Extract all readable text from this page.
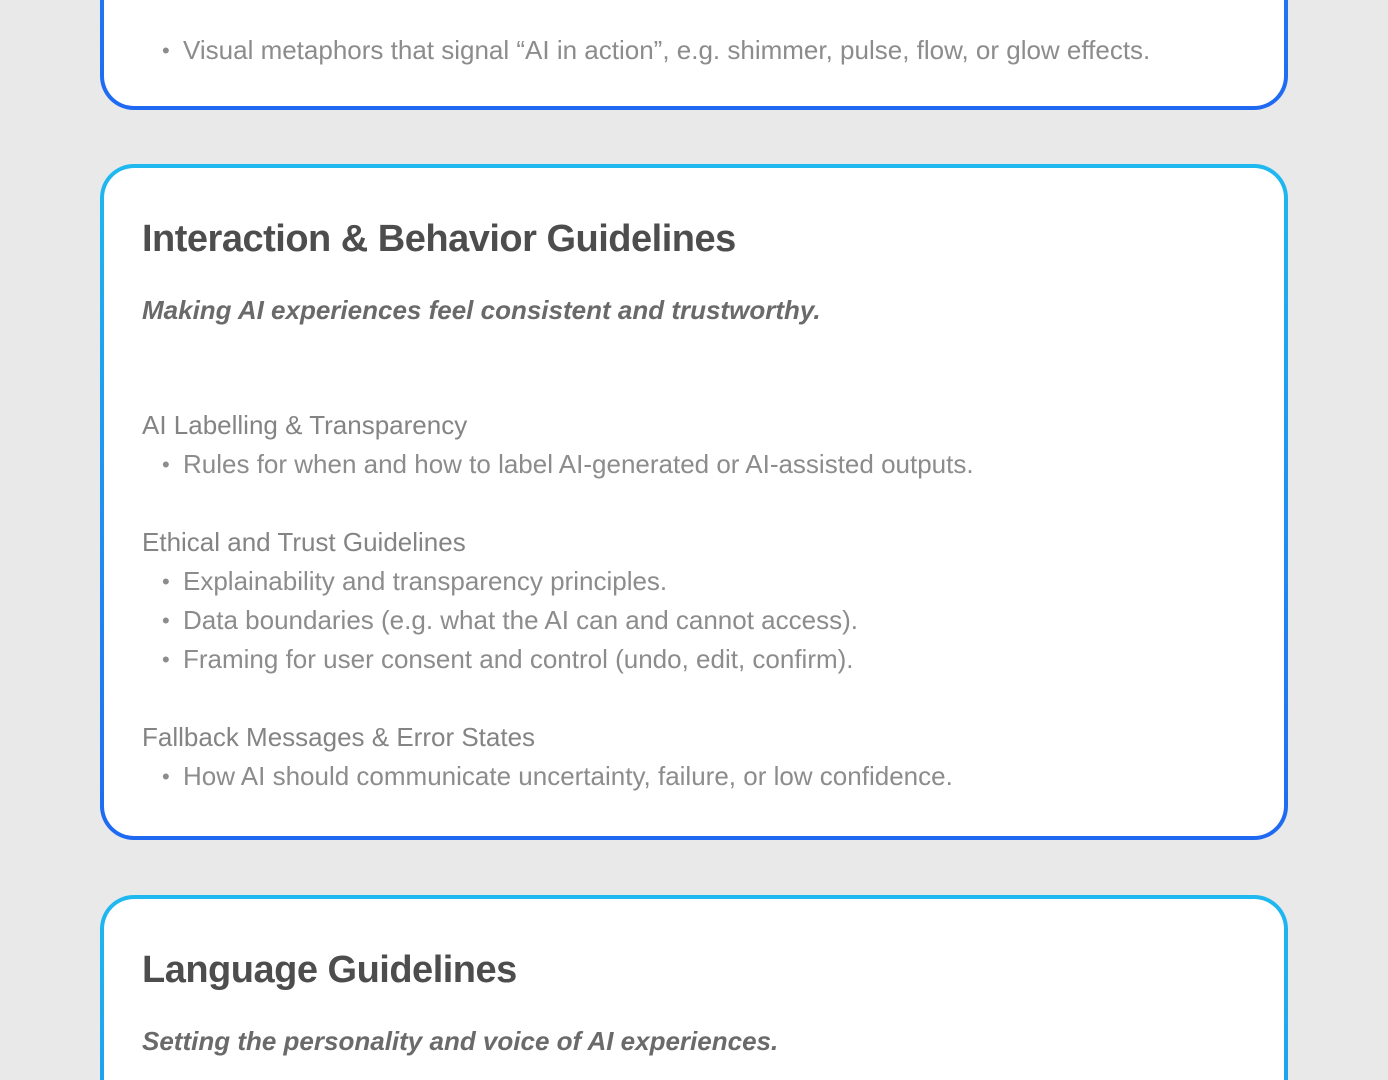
• Visual metaphors that signal “AI in action”, e.g. shimmer, pulse, flow, or glow effects.
Interaction & Behavior Guidelines

Making AI experiences feel consistent and trustworthy.

AI Labelling & Transparency
• Rules for when and how to label AI-generated or AI-assisted outputs.
Ethical and Trust Guidelines
• Explainability and transparency principles.
• Data boundaries (e.g. what the AI can and cannot access).
• Framing for user consent and control (undo, edit, confirm).
Fallback Messages & Error States
• How AI should communicate uncertainty, failure, or low confidence.
Language Guidelines

Setting the personality and voice of AI experiences.
